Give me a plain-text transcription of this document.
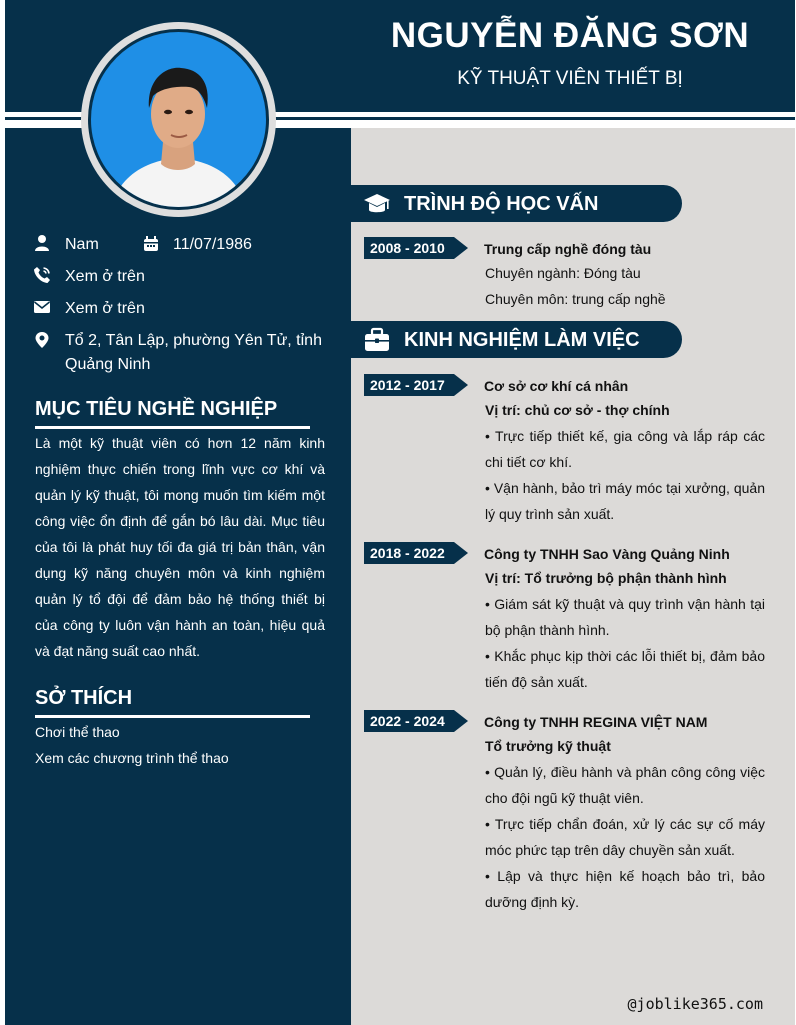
NGUYỄN ĐĂNG SƠN
KỸ THUẬT VIÊN THIẾT BỊ
Nam	11/07/1986
Xem ở trên
Xem ở trên
Tổ 2, Tân Lập, phường Yên Tử, tỉnh
Quảng Ninh
MỤC TIÊU NGHỀ NGHIỆP
Là một kỹ thuật viên có hơn 12 năm kinh nghiệm thực chiến trong lĩnh vực cơ khí và quản lý kỹ thuật, tôi mong muốn tìm kiếm một công việc ổn định để gắn bó lâu dài. Mục tiêu của tôi là phát huy tối đa giá trị bản thân, vận dụng kỹ năng chuyên môn và kinh nghiệm quản lý tổ đội để đảm bảo hệ thống thiết bị của công ty luôn vận hành an toàn, hiệu quả và đạt năng suất cao nhất.
SỞ THÍCH
Chơi thể thao
Xem các chương trình thể thao
TRÌNH ĐỘ HỌC VẤN
2008 - 2010	Trung cấp nghề đóng tàu
Chuyên ngành: Đóng tàu
Chuyên môn: trung cấp nghề
KINH NGHIỆM LÀM VIỆC
2012 - 2017	Cơ sở cơ khí cá nhân
Vị trí: chủ cơ sở - thợ chính
• Trực tiếp thiết kế, gia công và lắp ráp các chi tiết cơ khí.
• Vận hành, bảo trì máy móc tại xưởng, quản lý quy trình sản xuất.
2018 - 2022	Công ty TNHH Sao Vàng Quảng Ninh
Vị trí: Tổ trưởng bộ phận thành hình
• Giám sát kỹ thuật và quy trình vận hành tại bộ phận thành hình.
• Khắc phục kịp thời các lỗi thiết bị, đảm bảo tiến độ sản xuất.
2022 - 2024	Công ty TNHH REGINA VIỆT NAM
Tổ trưởng kỹ thuật
• Quản lý, điều hành và phân công công việc cho đội ngũ kỹ thuật viên.
• Trực tiếp chẩn đoán, xử lý các sự cố máy móc phức tạp trên dây chuyền sản xuất.
• Lập và thực hiện kế hoạch bảo trì, bảo dưỡng định kỳ.
@joblike365.com
